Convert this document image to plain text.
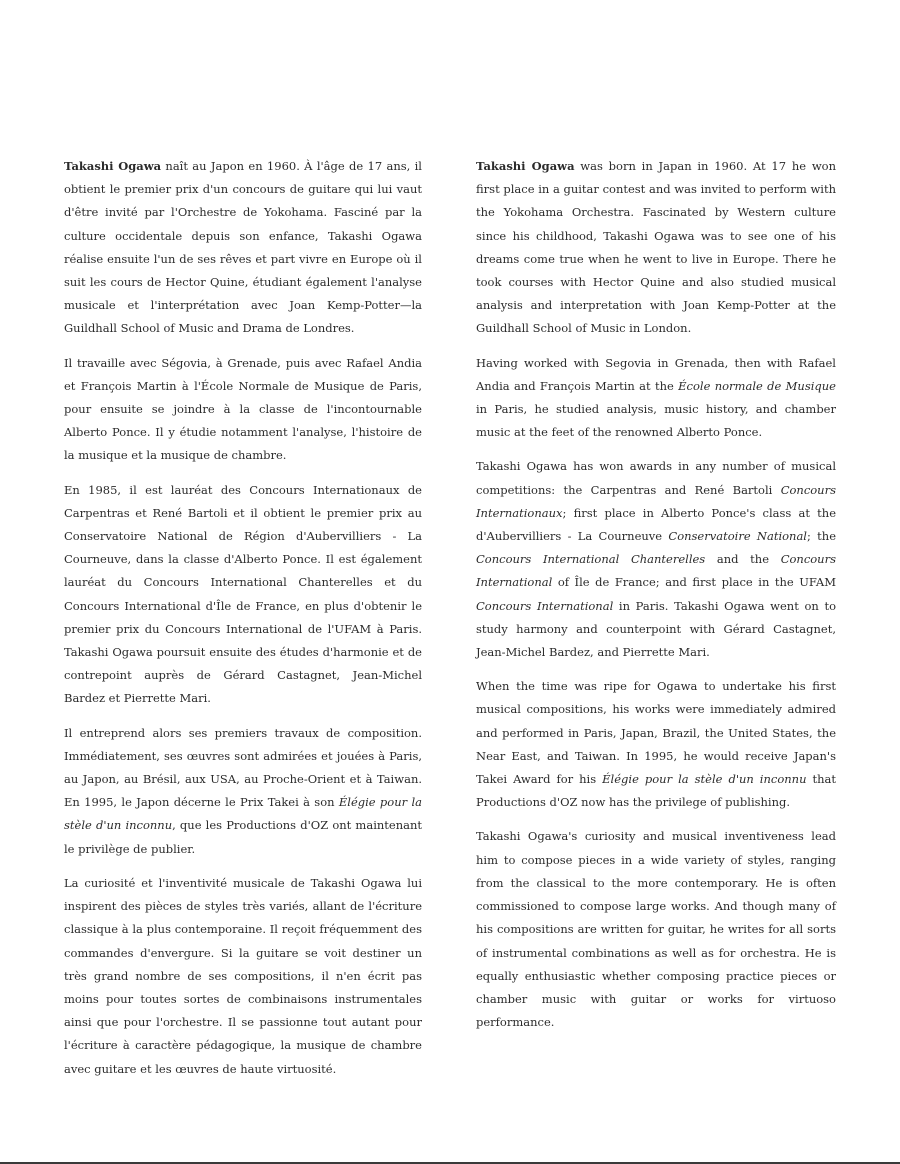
Takashi Ogawa naît au Japon en 1960. À l'âge de 17 ans, il obtient le premier prix d'un concours de guitare qui lui vaut d'être invité par l'Orchestre de Yokohama. Fasciné par la culture occidentale depuis son enfance, Takashi Ogawa réalise ensuite l'un de ses rêves et part vivre en Europe où il suit les cours de Hector Quine, étudiant également l'analyse musicale et l'interprétation avec Joan Kemp-Potter—la Guildhall School of Music and Drama de Londres.

Il travaille avec Ségovia, à Grenade, puis avec Rafael Andia et François Martin à l'École Normale de Musique de Paris, pour ensuite se joindre à la classe de l'incontournable Alberto Ponce. Il y étudie notamment l'analyse, l'histoire de la musique et la musique de chambre.

En 1985, il est lauréat des Concours Internationaux de Carpentras et René Bartoli et il obtient le premier prix au Conservatoire National de Région d'Aubervilliers - La Courneuve, dans la classe d'Alberto Ponce. Il est également lauréat du Concours International Chanterelles et du Concours International d'Île de France, en plus d'obtenir le premier prix du Concours International de l'UFAM à Paris. Takashi Ogawa poursuit ensuite des études d'harmonie et de contrepoint auprès de Gérard Castagnet, Jean-Michel Bardez et Pierrette Mari.

Il entreprend alors ses premiers travaux de composition. Immédiatement, ses œuvres sont admirées et jouées à Paris, au Japon, au Brésil, aux USA, au Proche-Orient et à Taiwan. En 1995, le Japon décerne le Prix Takei à son Élégie pour la stèle d'un inconnu, que les Productions d'OZ ont maintenant le privilège de publier.

La curiosité et l'inventivité musicale de Takashi Ogawa lui inspirent des pièces de styles très variés, allant de l'écriture classique à la plus contemporaine. Il reçoit fréquemment des commandes d'envergure. Si la guitare se voit destiner un très grand nombre de ses compositions, il n'en écrit pas moins pour toutes sortes de combinaisons instrumentales ainsi que pour l'orchestre. Il se passionne tout autant pour l'écriture à caractère pédagogique, la musique de chambre avec guitare et les œuvres de haute virtuosité.

Takashi Ogawa was born in Japan in 1960. At 17 he won first place in a guitar contest and was invited to perform with the Yokohama Orchestra. Fascinated by Western culture since his childhood, Takashi Ogawa was to see one of his dreams come true when he went to live in Europe. There he took courses with Hector Quine and also studied musical analysis and interpretation with Joan Kemp-Potter at the Guildhall School of Music in London.

Having worked with Segovia in Grenada, then with Rafael Andia and François Martin at the École normale de Musique in Paris, he studied analysis, music history, and chamber music at the feet of the renowned Alberto Ponce.

Takashi Ogawa has won awards in any number of musical competitions: the Carpentras and René Bartoli Concours Internationaux; first place in Alberto Ponce's class at the d'Aubervilliers - La Courneuve Conservatoire National; the Concours International Chanterelles and the Concours International of Île de France; and first place in the UFAM Concours International in Paris. Takashi Ogawa went on to study harmony and counterpoint with Gérard Castagnet, Jean-Michel Bardez, and Pierrette Mari.

When the time was ripe for Ogawa to undertake his first musical compositions, his works were immediately admired and performed in Paris, Japan, Brazil, the United States, the Near East, and Taiwan. In 1995, he would receive Japan's Takei Award for his Élégie pour la stèle d'un inconnu that Productions d'OZ now has the privilege of publishing.

Takashi Ogawa's curiosity and musical inventiveness lead him to compose pieces in a wide variety of styles, ranging from the classical to the more contemporary. He is often commissioned to compose large works. And though many of his compositions are written for guitar, he writes for all sorts of instrumental combinations as well as for orchestra. He is equally enthusiastic whether composing practice pieces or chamber music with guitar or works for virtuoso performance.
